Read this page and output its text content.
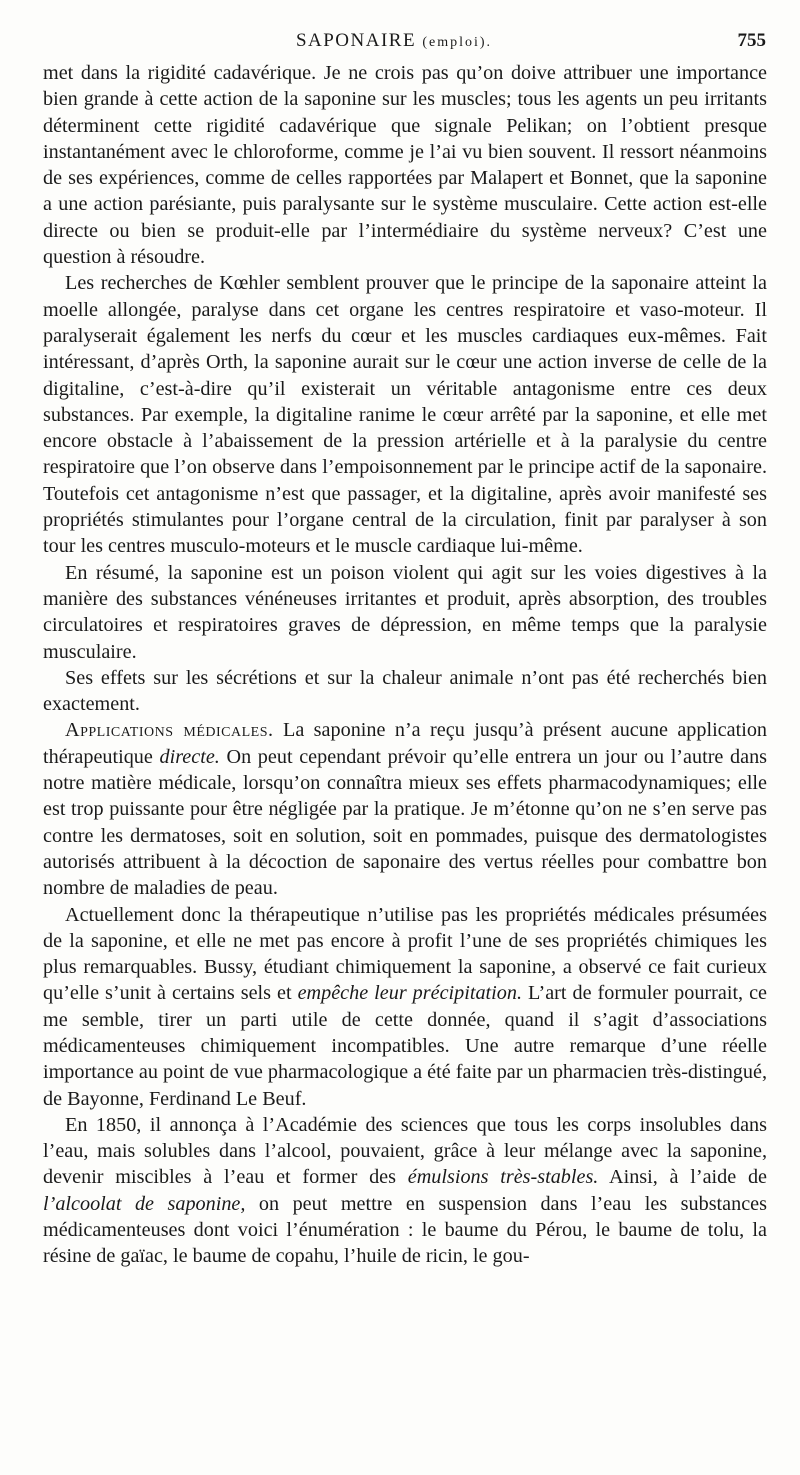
SAPONAIRE (emploi).	755

met dans la rigidité cadavérique. Je ne crois pas qu’on doive attribuer une importance bien grande à cette action de la saponine sur les muscles; tous les agents un peu irritants déterminent cette rigidité cadavérique que signale Pelikan; on l’obtient presque instantanément avec le chloroforme, comme je l’ai vu bien souvent. Il ressort néanmoins de ses expériences, comme de celles rapportées par Malapert et Bonnet, que la saponine a une action parésiante, puis paralysante sur le système musculaire. Cette action est-elle directe ou bien se produit-elle par l’intermédiaire du système nerveux? C’est une question à résoudre.

Les recherches de Kœhler semblent prouver que le principe de la saponaire atteint la moelle allongée, paralyse dans cet organe les centres respiratoire et vaso-moteur. Il paralyserait également les nerfs du cœur et les muscles cardiaques eux-mêmes. Fait intéressant, d’après Orth, la saponine aurait sur le cœur une action inverse de celle de la digitaline, c’est-à-dire qu’il existerait un véritable antagonisme entre ces deux substances. Par exemple, la digitaline ranime le cœur arrêté par la saponine, et elle met encore obstacle à l’abaissement de la pression artérielle et à la paralysie du centre respiratoire que l’on observe dans l’empoisonnement par le principe actif de la saponaire. Toutefois cet antagonisme n’est que passager, et la digitaline, après avoir manifesté ses propriétés stimulantes pour l’organe central de la circulation, finit par paralyser à son tour les centres musculo-moteurs et le muscle cardiaque lui-même.

En résumé, la saponine est un poison violent qui agit sur les voies digestives à la manière des substances vénéneuses irritantes et produit, après absorption, des troubles circulatoires et respiratoires graves de dépression, en même temps que la paralysie musculaire.

Ses effets sur les sécrétions et sur la chaleur animale n’ont pas été recherchés bien exactement.

Applications médicales. La saponine n’a reçu jusqu’à présent aucune application thérapeutique directe. On peut cependant prévoir qu’elle entrera un jour ou l’autre dans notre matière médicale, lorsqu’on connaîtra mieux ses effets pharmacodynamiques; elle est trop puissante pour être négligée par la pratique. Je m’étonne qu’on ne s’en serve pas contre les dermatoses, soit en solution, soit en pommades, puisque des dermatologistes autorisés attribuent à la décoction de saponaire des vertus réelles pour combattre bon nombre de maladies de peau.

Actuellement donc la thérapeutique n’utilise pas les propriétés médicales présumées de la saponine, et elle ne met pas encore à profit l’une de ses propriétés chimiques les plus remarquables. Bussy, étudiant chimiquement la saponine, a observé ce fait curieux qu’elle s’unit à certains sels et empêche leur précipitation. L’art de formuler pourrait, ce me semble, tirer un parti utile de cette donnée, quand il s’agit d’associations médicamenteuses chimiquement incompatibles. Une autre remarque d’une réelle importance au point de vue pharmacologique a été faite par un pharmacien très-distingué, de Bayonne, Ferdinand Le Beuf.

En 1850, il annonça à l’Académie des sciences que tous les corps insolubles dans l’eau, mais solubles dans l’alcool, pouvaient, grâce à leur mélange avec la saponine, devenir miscibles à l’eau et former des émulsions très-stables. Ainsi, à l’aide de l’alcoolat de saponine, on peut mettre en suspension dans l’eau les substances médicamenteuses dont voici l’énumération : le baume du Pérou, le baume de tolu, la résine de gaïac, le baume de copahu, l’huile de ricin, le gou-
